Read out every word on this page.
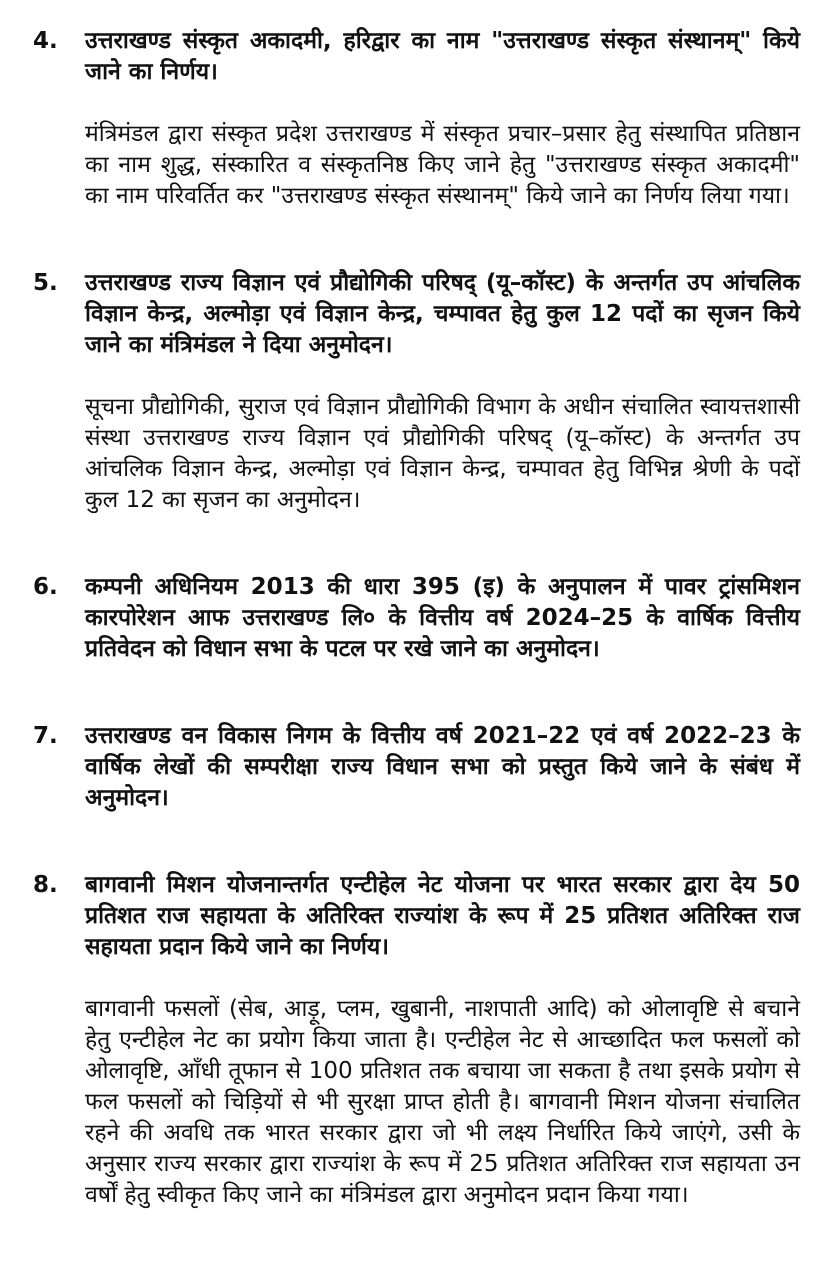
4.	उत्तराखण्ड संस्कृत अकादमी, हरिद्वार का नाम "उत्तराखण्ड संस्कृत संस्थानम्" किये जाने का निर्णय।

मंत्रिमंडल द्वारा संस्कृत प्रदेश उत्तराखण्ड में संस्कृत प्रचार–प्रसार हेतु संस्थापित प्रतिष्ठान का नाम शुद्ध, संस्कारित व संस्कृतनिष्ठ किए जाने हेतु "उत्तराखण्ड संस्कृत अकादमी" का नाम परिवर्तित कर "उत्तराखण्ड संस्कृत संस्थानम्" किये जाने का निर्णय लिया गया।

5.	उत्तराखण्ड राज्य विज्ञान एवं प्रौद्योगिकी परिषद् (यू–कॉस्ट) के अन्तर्गत उप आंचलिक विज्ञान केन्द्र, अल्मोड़ा एवं विज्ञान केन्द्र, चम्पावत हेतु कुल 12 पदों का सृजन किये जाने का मंत्रिमंडल ने दिया अनुमोदन।

सूचना प्रौद्योगिकी, सुराज एवं विज्ञान प्रौद्योगिकी विभाग के अधीन संचालित स्वायत्तशासी संस्था उत्तराखण्ड राज्य विज्ञान एवं प्रौद्योगिकी परिषद् (यू–कॉस्ट) के अन्तर्गत उप आंचलिक विज्ञान केन्द्र, अल्मोड़ा एवं विज्ञान केन्द्र, चम्पावत हेतु विभिन्न श्रेणी के पदों कुल 12 का सृजन का अनुमोदन।

6.	कम्पनी अधिनियम 2013 की धारा 395 (इ) के अनुपालन में पावर ट्रांसमिशन कारपोरेशन आफ उत्तराखण्ड लि० के वित्तीय वर्ष 2024–25 के वार्षिक वित्तीय प्रतिवेदन को विधान सभा के पटल पर रखे जाने का अनुमोदन।
7.	उत्तराखण्ड वन विकास निगम के वित्तीय वर्ष 2021–22 एवं वर्ष 2022–23 के वार्षिक लेखों की सम्परीक्षा राज्य विधान सभा को प्रस्तुत किये जाने के संबंध में अनुमोदन।
8.	बागवानी मिशन योजनान्तर्गत एन्टीहेल नेट योजना पर भारत सरकार द्वारा देय 50 प्रतिशत राज सहायता के अतिरिक्त राज्यांश के रूप में 25 प्रतिशत अतिरिक्त राज सहायता प्रदान किये जाने का निर्णय।

बागवानी फसलों (सेब, आड़ू, प्लम, खुबानी, नाशपाती आदि) को ओलावृष्टि से बचाने हेतु एन्टीहेल नेट का प्रयोग किया जाता है। एन्टीहेल नेट से आच्छादित फल फसलों को ओलावृष्टि, आँधी तूफान से 100 प्रतिशत तक बचाया जा सकता है तथा इसके प्रयोग से फल फसलों को चिड़ियों से भी सुरक्षा प्राप्त होती है। बागवानी मिशन योजना संचालित रहने की अवधि तक भारत सरकार द्वारा जो भी लक्ष्य निर्धारित किये जाएंगे, उसी के अनुसार राज्य सरकार द्वारा राज्यांश के रूप में 25 प्रतिशत अतिरिक्त राज सहायता उन वर्षों हेतु स्वीकृत किए जाने का मंत्रिमंडल द्वारा अनुमोदन प्रदान किया गया।
